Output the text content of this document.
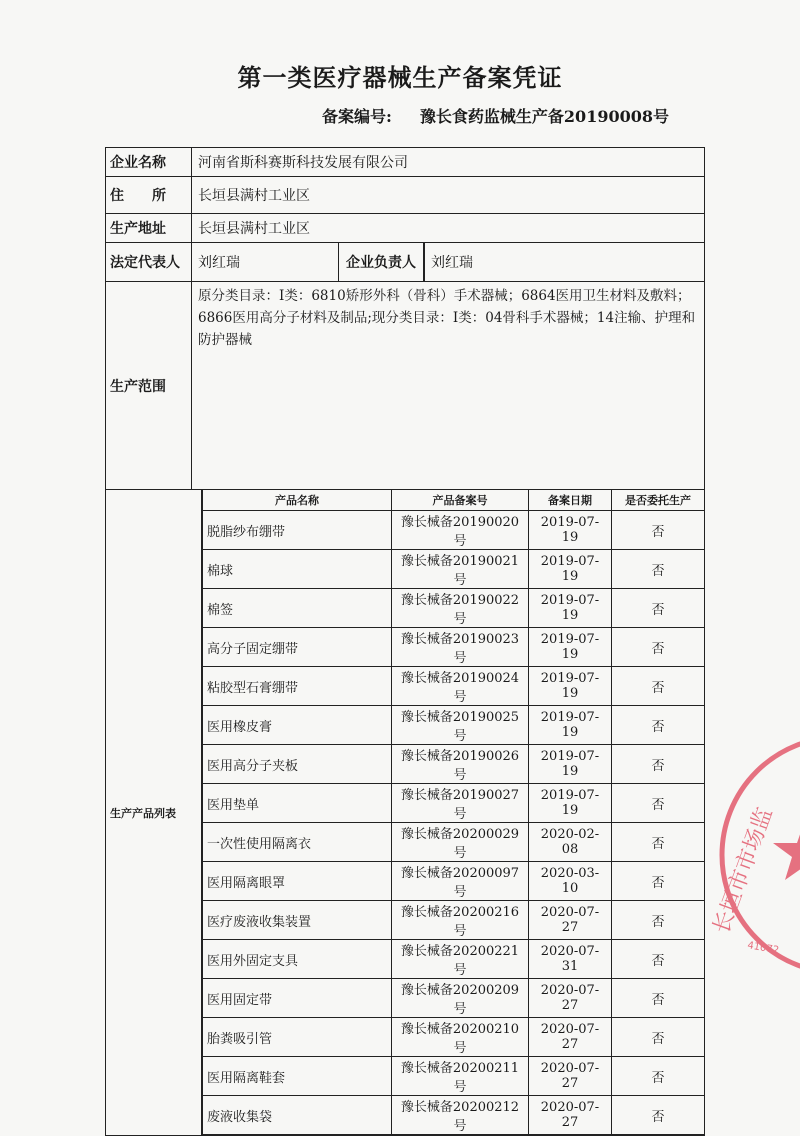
第一类医疗器械生产备案凭证
备案编号: 豫长食药监械生产备20190008号
企业名称	河南省斯科赛斯科技发展有限公司
住　　所	长垣县满村工业区
生产地址	长垣县满村工业区
法定代表人	刘红瑞	企业负责人	刘红瑞
生产范围
原分类目录：Ⅰ类：6810矫形外科（骨科）手术器械；6864医用卫生材料及敷料；6866医用高分子材料及制品;现分类目录：Ⅰ类：04骨科手术器械；14注输、护理和防护器械
生产产品列表
产品名称	产品备案号	备案日期	是否委托生产
脱脂纱布绷带	豫长械备20190020号	2019-07-19	否
棉球	豫长械备20190021号	2019-07-19	否
棉签	豫长械备20190022号	2019-07-19	否
高分子固定绷带	豫长械备20190023号	2019-07-19	否
粘胶型石膏绷带	豫长械备20190024号	2019-07-19	否
医用橡皮膏	豫长械备20190025号	2019-07-19	否
医用高分子夹板	豫长械备20190026号	2019-07-19	否
医用垫单	豫长械备20190027号	2019-07-19	否
一次性使用隔离衣	豫长械备20200029号	2020-02-08	否
医用隔离眼罩	豫长械备20200097号	2020-03-10	否
医疗废液收集装置	豫长械备20200216号	2020-07-27	否
医用外固定支具	豫长械备20200221号	2020-07-31	否
医用固定带	豫长械备20200209号	2020-07-27	否
胎粪吸引管	豫长械备20200210号	2020-07-27	否
医用隔离鞋套	豫长械备20200211号	2020-07-27	否
废液收集袋	豫长械备20200212号	2020-07-27	否
长垣市市场监
41072
